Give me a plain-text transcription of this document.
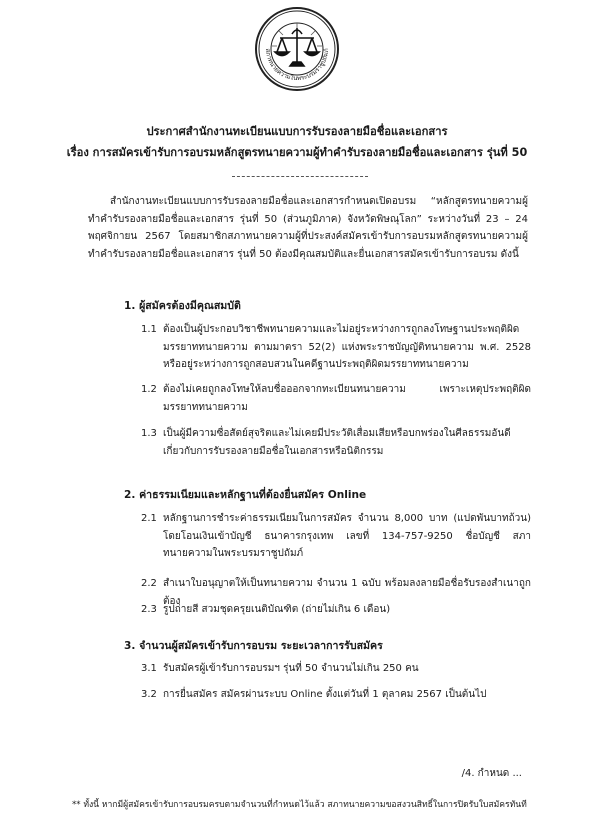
สภาทนายความในพระบรมราชูปถัมภ์
ประกาศสำนักงานทะเบียนแบบการรับรองลายมือชื่อและเอกสาร
เรื่อง การสมัครเข้ารับการอบรมหลักสูตรทนายความผู้ทำคำรับรองลายมือชื่อและเอกสาร รุ่นที่ 50
สำนักงานทะเบียนแบบการรับรองลายมือชื่อและเอกสารกำหนดเปิดอบรม “หลักสูตรทนายความผู้ทำคำรับรองลายมือชื่อและเอกสาร รุ่นที่ 50 (ส่วนภูมิภาค) จังหวัดพิษณุโลก” ระหว่างวันที่ 23 – 24 พฤศจิกายน 2567 โดยสมาชิกสภาทนายความผู้ที่ประสงค์สมัครเข้ารับการอบรมหลักสูตรทนายความผู้ทำคำรับรองลายมือชื่อและเอกสาร รุ่นที่ 50 ต้องมีคุณสมบัติและยื่นเอกสารสมัครเข้ารับการอบรม ดังนี้
1. ผู้สมัครต้องมีคุณสมบัติ
1.1 ต้องเป็นผู้ประกอบวิชาชีพทนายความและไม่อยู่ระหว่างการถูกลงโทษฐานประพฤติผิดมรรยาททนายความ ตามมาตรา 52(2) แห่งพระราชบัญญัติทนายความ พ.ศ. 2528 หรืออยู่ระหว่างการถูกสอบสวนในคดีฐานประพฤติผิดมรรยาททนายความ
1.2 ต้องไม่เคยถูกลงโทษให้ลบชื่อออกจากทะเบียนทนายความ เพราะเหตุประพฤติผิดมรรยาททนายความ
1.3 เป็นผู้มีความซื่อสัตย์สุจริตและไม่เคยมีประวัติเสื่อมเสียหรือบกพร่องในศีลธรรมอันดีเกี่ยวกับการรับรองลายมือชื่อในเอกสารหรือนิติกรรม
2. ค่าธรรมเนียมและหลักฐานที่ต้องยื่นสมัคร Online
2.1 หลักฐานการชำระค่าธรรมเนียมในการสมัคร จำนวน 8,000 บาท (แปดพันบาทถ้วน) โดยโอนเงินเข้าบัญชี ธนาคารกรุงเทพ เลขที่ 134-757-9250 ชื่อบัญชี สภาทนายความในพระบรมราชูปถัมภ์
2.2 สำเนาใบอนุญาตให้เป็นทนายความ จำนวน 1 ฉบับ พร้อมลงลายมือชื่อรับรองสำเนาถูกต้อง
2.3 รูปถ่ายสี สวมชุดครุยเนติบัณฑิต (ถ่ายไม่เกิน 6 เดือน)
3. จำนวนผู้สมัครเข้ารับการอบรม ระยะเวลาการรับสมัคร
3.1 รับสมัครผู้เข้ารับการอบรมฯ รุ่นที่ 50 จำนวนไม่เกิน 250 คน
3.2 การยื่นสมัคร สมัครผ่านระบบ Online ตั้งแต่วันที่ 1 ตุลาคม 2567 เป็นต้นไป
/4. กำหนด ...
** ทั้งนี้ หากมีผู้สมัครเข้ารับการอบรมครบตามจำนวนที่กำหนดไว้แล้ว สภาทนายความขอสงวนสิทธิ์ในการปิดรับใบสมัครทันที
